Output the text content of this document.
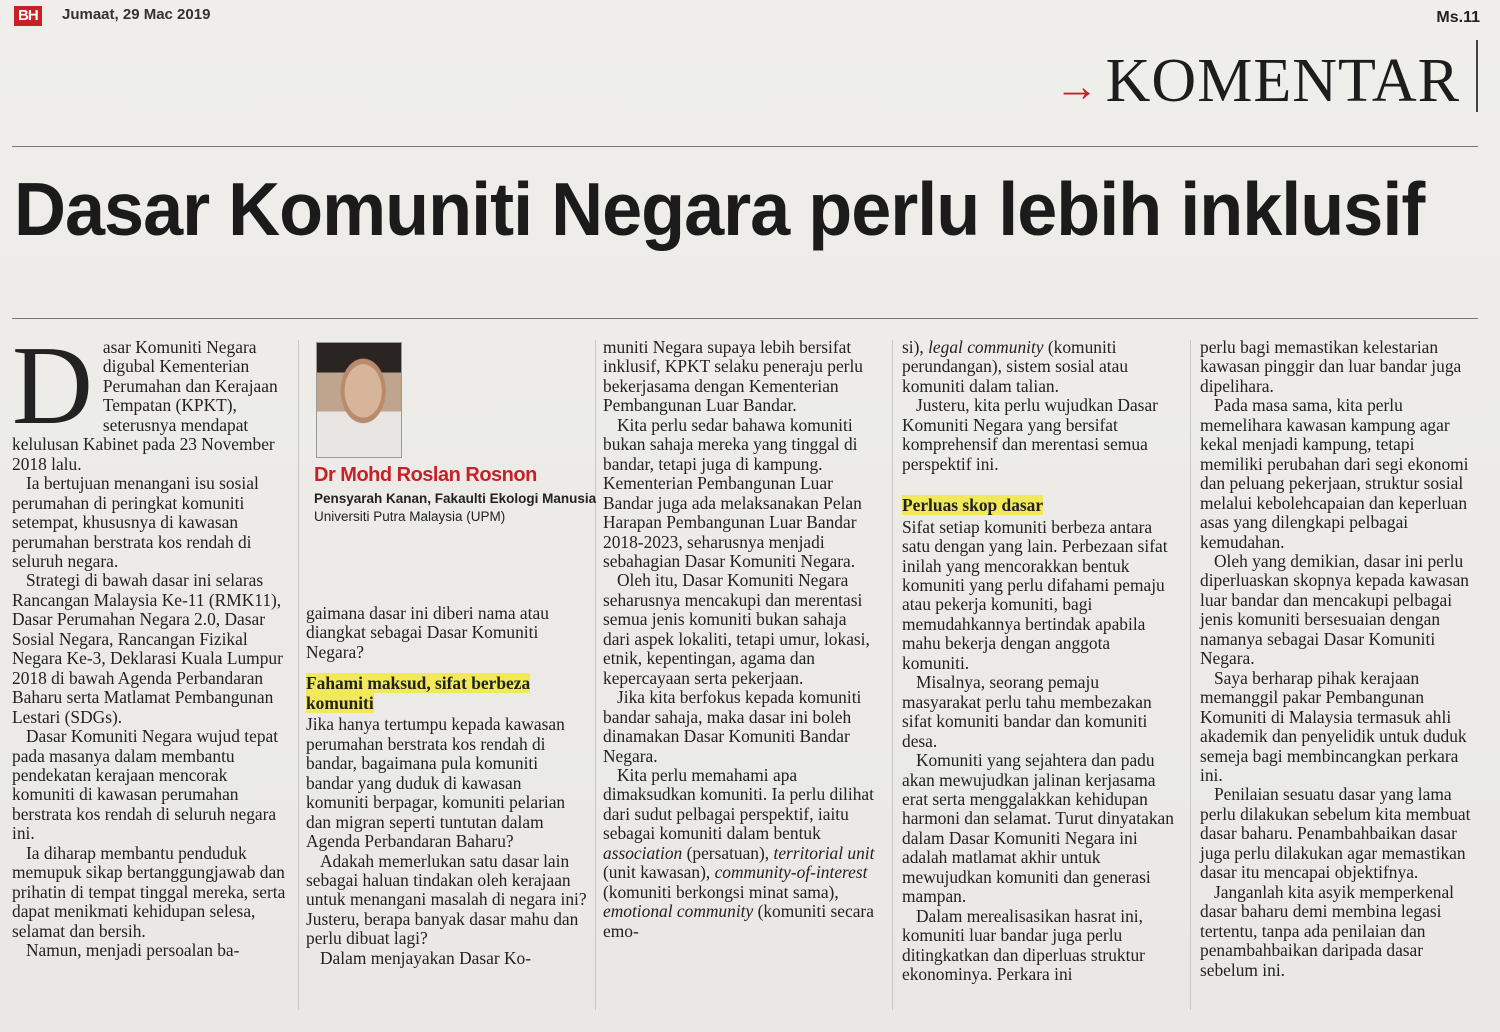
BH Jumaat, 29 Mac 2019	Ms.11
→KOMENTAR
Dasar Komuniti Negara perlu lebih inklusif
D asar Komuniti Negara digubal Kementerian Perumahan dan Kerajaan Tempatan (KPKT), seterusnya mendapat kelulusan Kabinet pada 23 November 2018 lalu.

Ia bertujuan menangani isu sosial perumahan di peringkat komuniti setempat, khususnya di kawasan perumahan berstrata kos rendah di seluruh negara.

Strategi di bawah dasar ini selaras Rancangan Malaysia Ke-11 (RMK11), Dasar Perumahan Negara 2.0, Dasar Sosial Negara, Rancangan Fizikal Negara Ke-3, Deklarasi Kuala Lumpur 2018 di bawah Agenda Perbandaran Baharu serta Matlamat Pembangunan Lestari (SDGs).

Dasar Komuniti Negara wujud tepat pada masanya dalam membantu pendekatan kerajaan mencorak komuniti di kawasan perumahan berstrata kos rendah di seluruh negara ini.

Ia diharap membantu penduduk memupuk sikap bertanggungjawab dan prihatin di tempat tinggal mereka, serta dapat menikmati kehidupan selesa, selamat dan bersih.

Namun, menjadi persoalan ba-

Dr Mohd Roslan Rosnon
Pensyarah Kanan, Fakaulti Ekologi Manusia
Universiti Putra Malaysia (UPM)

gaimana dasar ini diberi nama atau diangkat sebagai Dasar Komuniti Negara?

Fahami maksud, sifat berbeza komuniti

Jika hanya tertumpu kepada kawasan perumahan berstrata kos rendah di bandar, bagaimana pula komuniti bandar yang duduk di kawasan komuniti berpagar, komuniti pelarian dan migran seperti tuntutan dalam Agenda Perbandaran Baharu?

Adakah memerlukan satu dasar lain sebagai haluan tindakan oleh kerajaan untuk menangani masalah di negara ini? Justeru, berapa banyak dasar mahu dan perlu dibuat lagi?

Dalam menjayakan Dasar Ko-

muniti Negara supaya lebih bersifat inklusif, KPKT selaku peneraju perlu bekerjasama dengan Kementerian Pembangunan Luar Bandar.

Kita perlu sedar bahawa komuniti bukan sahaja mereka yang tinggal di bandar, tetapi juga di kampung. Kementerian Pembangunan Luar Bandar juga ada melaksanakan Pelan Harapan Pembangunan Luar Bandar 2018-2023, seharusnya menjadi sebahagian Dasar Komuniti Negara.

Oleh itu, Dasar Komuniti Negara seharusnya mencakupi dan merentasi semua jenis komuniti bukan sahaja dari aspek lokaliti, tetapi umur, lokasi, etnik, kepentingan, agama dan kepercayaan serta pekerjaan.

Jika kita berfokus kepada komuniti bandar sahaja, maka dasar ini boleh dinamakan Dasar Komuniti Bandar Negara.

Kita perlu memahami apa dimaksudkan komuniti. Ia perlu dilihat dari sudut pelbagai perspektif, iaitu sebagai komuniti dalam bentuk association (persatuan), territorial unit (unit kawasan), community-of-interest (komuniti berkongsi minat sama), emotional community (komuniti secara emo-

si), legal community (komuniti perundangan), sistem sosial atau komuniti dalam talian.

Justeru, kita perlu wujudkan Dasar Komuniti Negara yang bersifat komprehensif dan merentasi semua perspektif ini.

Perluas skop dasar

Sifat setiap komuniti berbeza antara satu dengan yang lain. Perbezaan sifat inilah yang mencorakkan bentuk komuniti yang perlu difahami pemaju atau pekerja komuniti, bagi memudahkannya bertindak apabila mahu bekerja dengan anggota komuniti.

Misalnya, seorang pemaju masyarakat perlu tahu membezakan sifat komuniti bandar dan komuniti desa.

Komuniti yang sejahtera dan padu akan mewujudkan jalinan kerjasama erat serta menggalakkan kehidupan harmoni dan selamat. Turut dinyatakan dalam Dasar Komuniti Negara ini adalah matlamat akhir untuk mewujudkan komuniti dan generasi mampan.

Dalam merealisasikan hasrat ini, komuniti luar bandar juga perlu ditingkatkan dan diperluas struktur ekonominya. Perkara ini

perlu bagi memastikan kelestarian kawasan pinggir dan luar bandar juga dipelihara.

Pada masa sama, kita perlu memelihara kawasan kampung agar kekal menjadi kampung, tetapi memiliki perubahan dari segi ekonomi dan peluang pekerjaan, struktur sosial melalui kebolehcapaian dan keperluan asas yang dilengkapi pelbagai kemudahan.

Oleh yang demikian, dasar ini perlu diperluaskan skopnya kepada kawasan luar bandar dan mencakupi pelbagai jenis komuniti bersesuaian dengan namanya sebagai Dasar Komuniti Negara.

Saya berharap pihak kerajaan memanggil pakar Pembangunan Komuniti di Malaysia termasuk ahli akademik dan penyelidik untuk duduk semeja bagi membincangkan perkara ini.

Penilaian sesuatu dasar yang lama perlu dilakukan sebelum kita membuat dasar baharu. Penambahbaikan dasar juga perlu dilakukan agar memastikan dasar itu mencapai objektifnya.

Janganlah kita asyik memperkenal dasar baharu demi membina legasi tertentu, tanpa ada penilaian dan penambahbaikan daripada dasar sebelum ini.
